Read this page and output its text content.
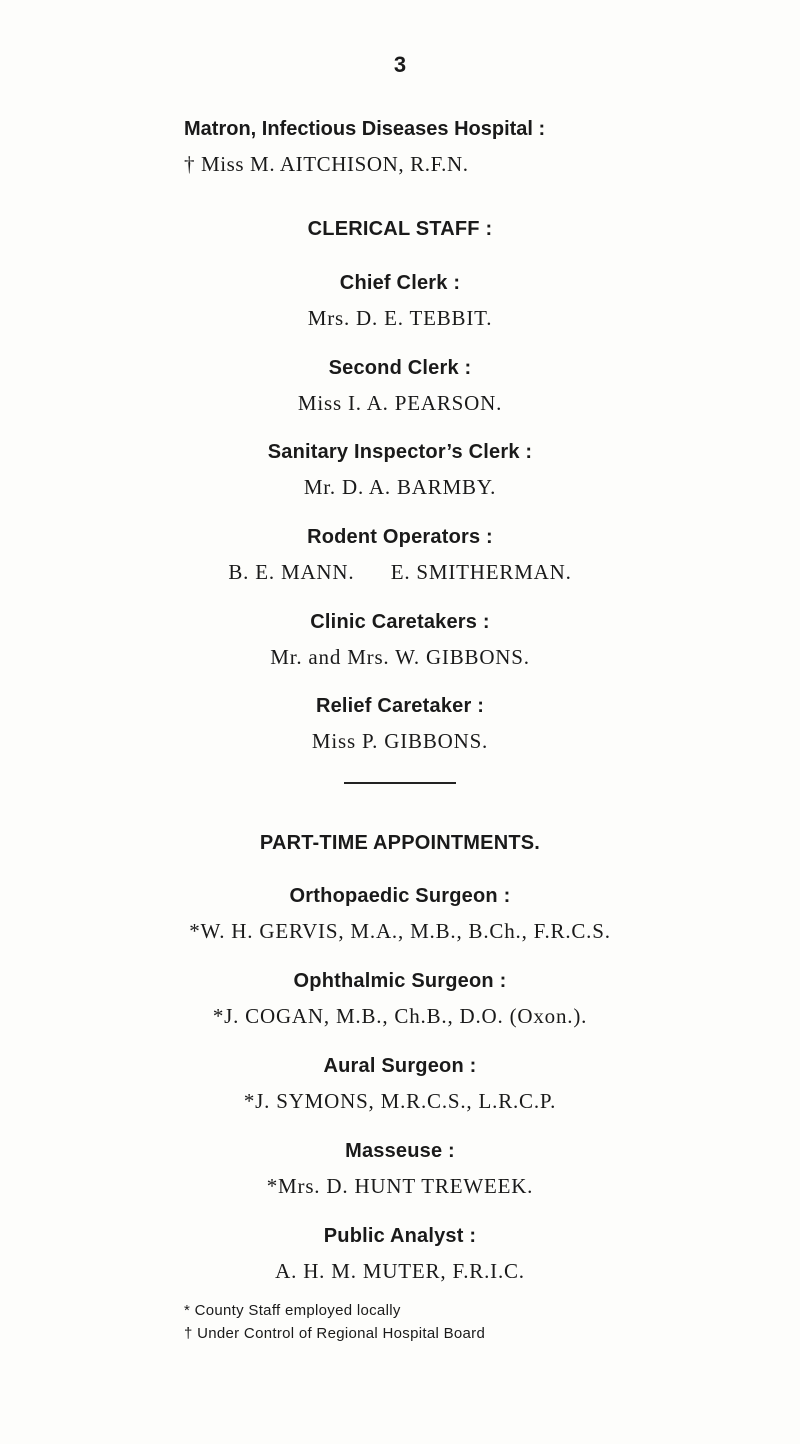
3
Matron, Infectious Diseases Hospital :
† Miss M. AITCHISON, R.F.N.
CLERICAL STAFF :
Chief Clerk :
Mrs. D. E. TEBBIT.
Second Clerk :
Miss I. A. PEARSON.
Sanitary Inspector’s Clerk :
Mr. D. A. BARMBY.
Rodent Operators :
B. E. MANN.      E. SMITHERMAN.
Clinic Caretakers :
Mr. and Mrs. W. GIBBONS.
Relief Caretaker :
Miss P. GIBBONS.
PART-TIME APPOINTMENTS.
Orthopaedic Surgeon :
*W. H. GERVIS, M.A., M.B., B.Ch., F.R.C.S.
Ophthalmic Surgeon :
*J. COGAN, M.B., Ch.B., D.O. (Oxon.).
Aural Surgeon :
*J. SYMONS, M.R.C.S., L.R.C.P.
Masseuse :
*Mrs. D. HUNT TREWEEK.
Public Analyst :
A. H. M. MUTER, F.R.I.C.
* County Staff employed locally
† Under Control of Regional Hospital Board
